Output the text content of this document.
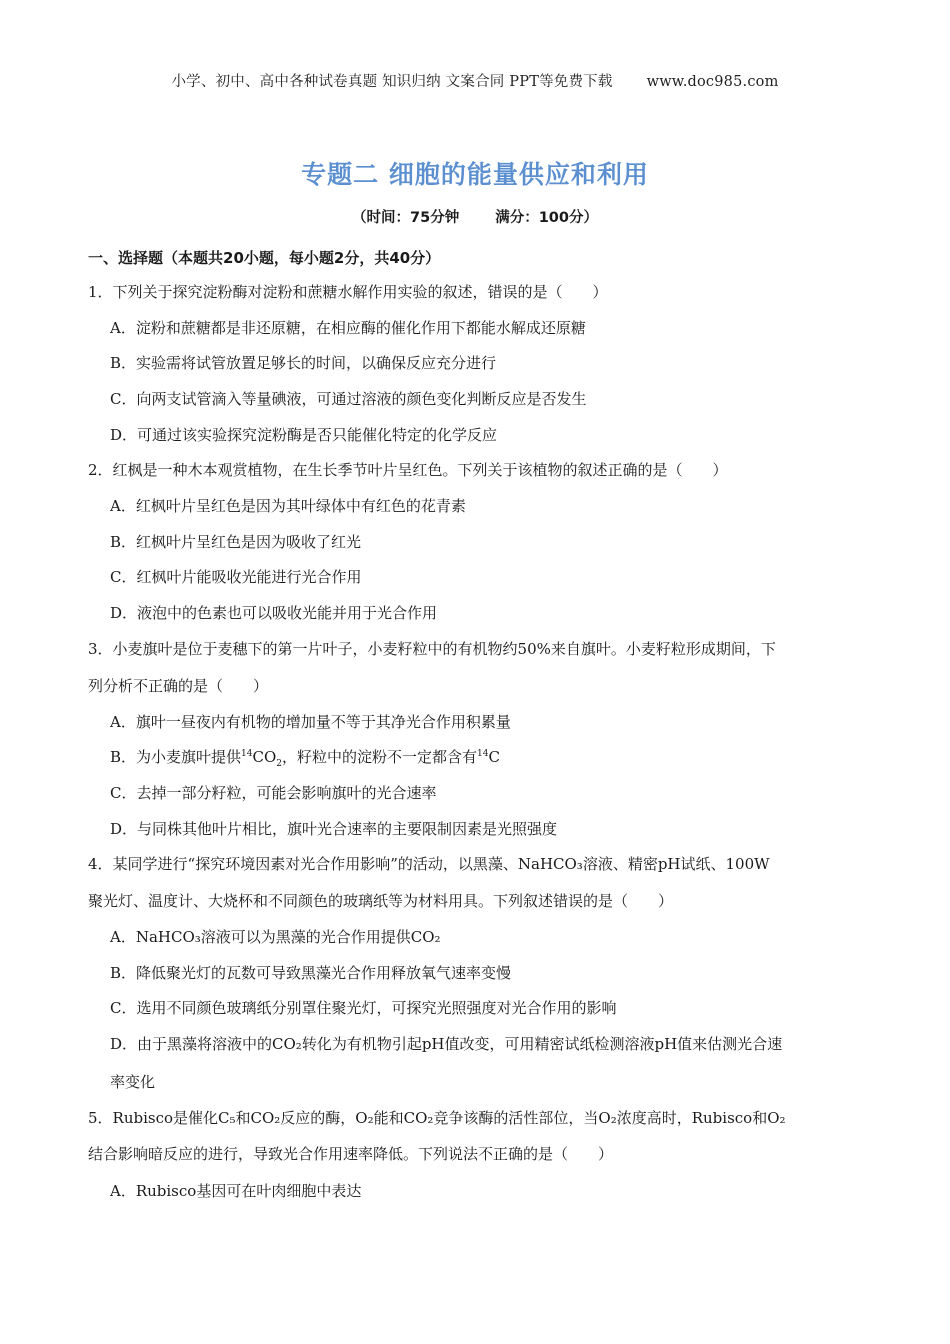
小学、初中、高中各种试卷真题 知识归纳 文案合同 PPT等免费下载 www.doc985.com
专题二 细胞的能量供应和利用
（时间：75分钟 满分：100分）
一、选择题（本题共20小题，每小题2分，共40分）
1．下列关于探究淀粉酶对淀粉和蔗糖水解作用实验的叙述，错误的是（　　）
A．淀粉和蔗糖都是非还原糖，在相应酶的催化作用下都能水解成还原糖
B．实验需将试管放置足够长的时间，以确保反应充分进行
C．向两支试管滴入等量碘液，可通过溶液的颜色变化判断反应是否发生
D．可通过该实验探究淀粉酶是否只能催化特定的化学反应
2．红枫是一种木本观赏植物，在生长季节叶片呈红色。下列关于该植物的叙述正确的是（　　）
A．红枫叶片呈红色是因为其叶绿体中有红色的花青素
B．红枫叶片呈红色是因为吸收了红光
C．红枫叶片能吸收光能进行光合作用
D．液泡中的色素也可以吸收光能并用于光合作用
3．小麦旗叶是位于麦穗下的第一片叶子，小麦籽粒中的有机物约50%来自旗叶。小麦籽粒形成期间，下
列分析不正确的是（　　）
A．旗叶一昼夜内有机物的增加量不等于其净光合作用积累量
B．为小麦旗叶提供$^{14}CO_2$，籽粒中的淀粉不一定都含有$^{14}$C
C．去掉一部分籽粒，可能会影响旗叶的光合速率
D．与同株其他叶片相比，旗叶光合速率的主要限制因素是光照强度
4．某同学进行“探究环境因素对光合作用影响”的活动，以黑藻、NaHCO₃溶液、精密pH试纸、100W
聚光灯、温度计、大烧杯和不同颜色的玻璃纸等为材料用具。下列叙述错误的是（　　）
A．NaHCO₃溶液可以为黑藻的光合作用提供CO₂
B．降低聚光灯的瓦数可导致黑藻光合作用释放氧气速率变慢
C．选用不同颜色玻璃纸分别罩住聚光灯，可探究光照强度对光合作用的影响
D．由于黑藻将溶液中的CO₂转化为有机物引起pH值改变，可用精密试纸检测溶液pH值来估测光合速
率变化
5．Rubisco是催化C₅和CO₂反应的酶，O₂能和CO₂竞争该酶的活性部位，当O₂浓度高时，Rubisco和O₂
结合影响暗反应的进行，导致光合作用速率降低。下列说法不正确的是（　　）
A．Rubisco基因可在叶肉细胞中表达
